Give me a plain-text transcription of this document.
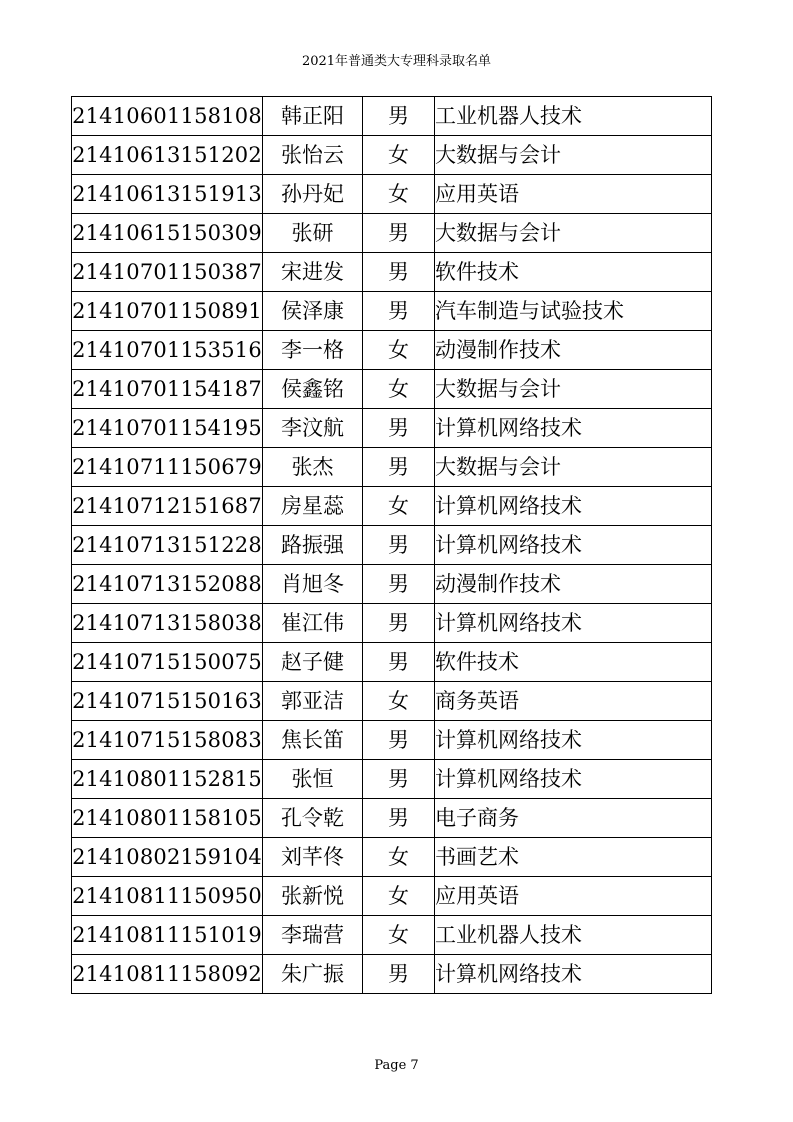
2021年普通类大专理科录取名单
21410601158108	韩正阳	男	工业机器人技术
21410613151202	张怡云	女	大数据与会计
21410613151913	孙丹妃	女	应用英语
21410615150309	张研	男	大数据与会计
21410701150387	宋进发	男	软件技术
21410701150891	侯泽康	男	汽车制造与试验技术
21410701153516	李一格	女	动漫制作技术
21410701154187	侯鑫铭	女	大数据与会计
21410701154195	李汶航	男	计算机网络技术
21410711150679	张杰	男	大数据与会计
21410712151687	房星蕊	女	计算机网络技术
21410713151228	路振强	男	计算机网络技术
21410713152088	肖旭冬	男	动漫制作技术
21410713158038	崔江伟	男	计算机网络技术
21410715150075	赵子健	男	软件技术
21410715150163	郭亚洁	女	商务英语
21410715158083	焦长笛	男	计算机网络技术
21410801152815	张恒	男	计算机网络技术
21410801158105	孔令乾	男	电子商务
21410802159104	刘芊佟	女	书画艺术
21410811150950	张新悦	女	应用英语
21410811151019	李瑞营	女	工业机器人技术
21410811158092	朱广振	男	计算机网络技术
Page 7
